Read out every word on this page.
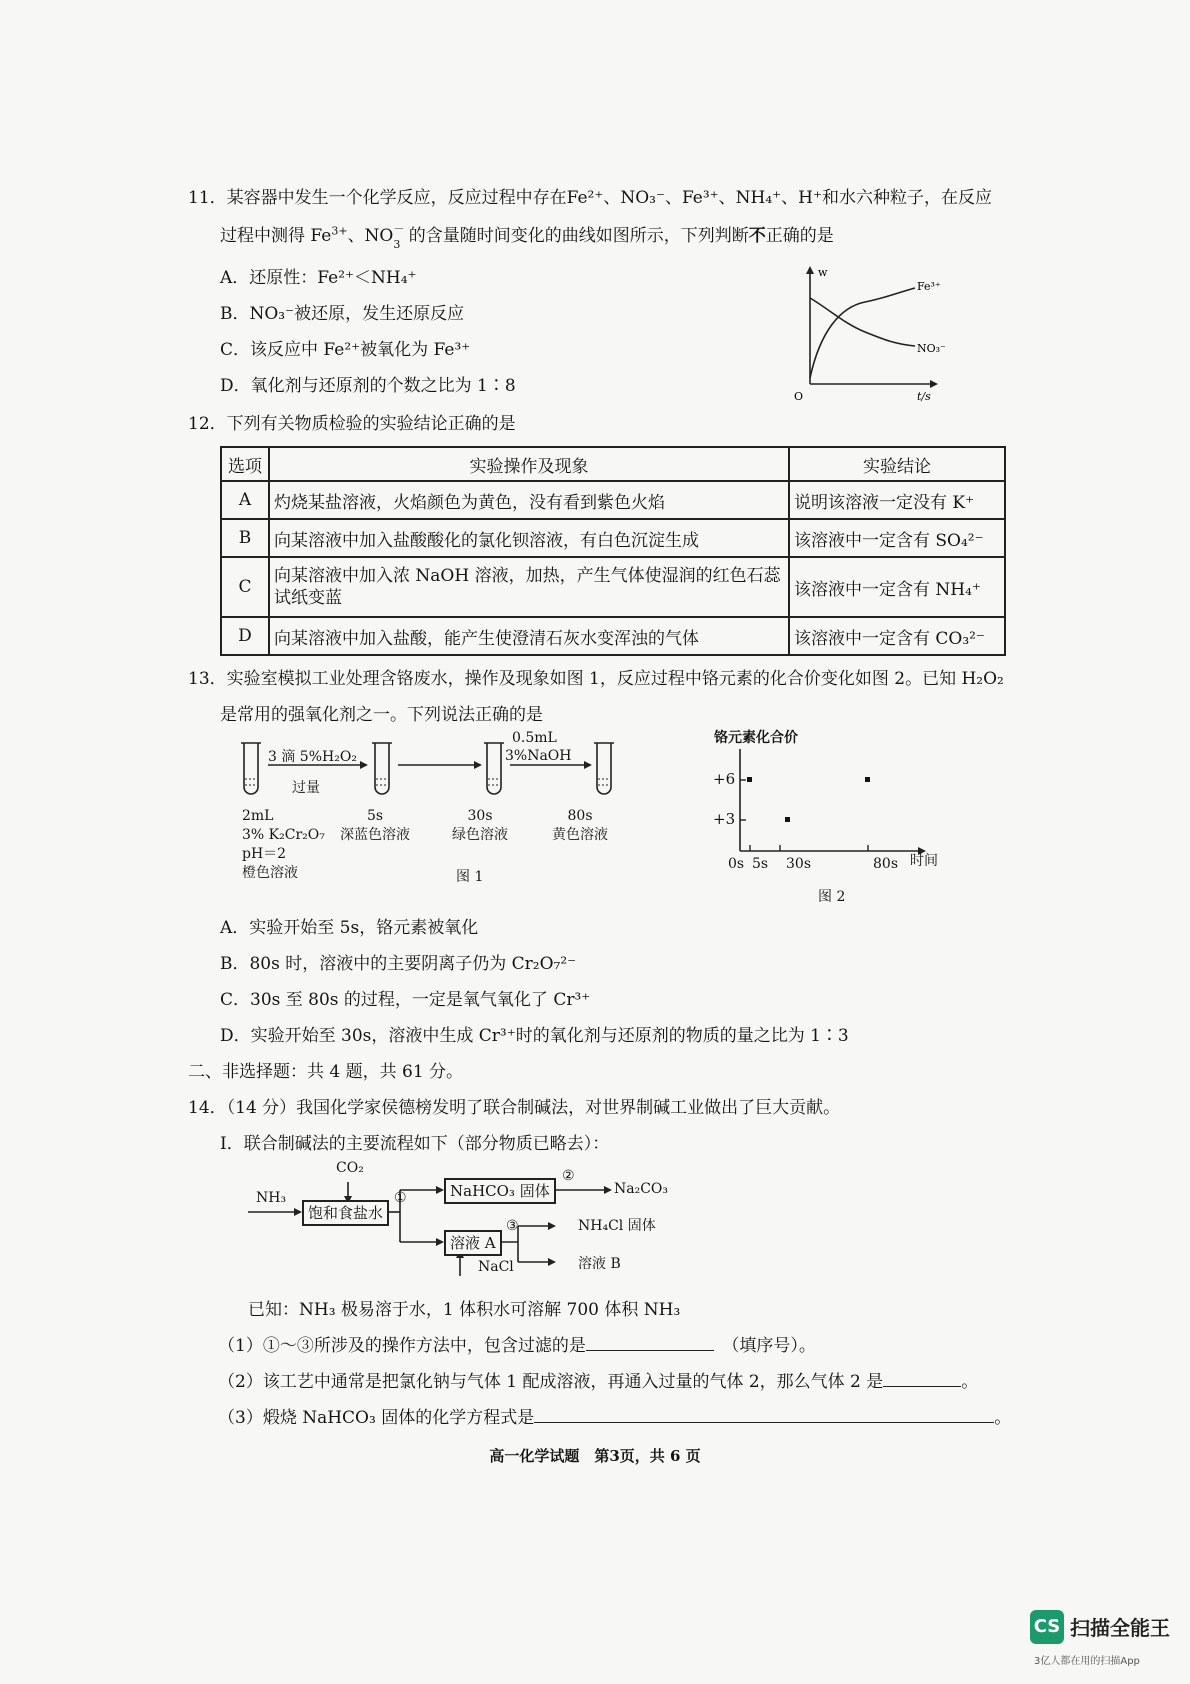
11．某容器中发生一个化学反应，反应过程中存在Fe²⁺、NO₃⁻、Fe³⁺、NH₄⁺、H⁺和水六种粒子，在反应
过程中测得 $Fe^{3+}$、NO －
3 的含量随时间变化的曲线如图所示，下列判断不正确的是
A．还原性：Fe²⁺＜NH₄⁺
B．NO₃⁻被还原，发生还原反应
C．该反应中 Fe²⁺被氧化为 Fe³⁺
D．氧化剂与还原剂的个数之比为 1∶8
w
t/s
O
Fe³⁺
NO₃⁻
12．下列有关物质检验的实验结论正确的是
选项	实验操作及现象	实验结论
A	灼烧某盐溶液，火焰颜色为黄色，没有看到紫色火焰	说明该溶液一定没有 K⁺
B	向某溶液中加入盐酸酸化的氯化钡溶液，有白色沉淀生成	该溶液中一定含有 SO₄²⁻
C	向某溶液中加入浓 NaOH 溶液，加热，产生气体使湿润的红色石蕊试纸变蓝	该溶液中一定含有 NH₄⁺
D	向某溶液中加入盐酸，能产生使澄清石灰水变浑浊的气体	该溶液中一定含有 CO₃²⁻
13．实验室模拟工业处理含铬废水，操作及现象如图 1，反应过程中铬元素的化合价变化如图 2。已知 H₂O₂
是常用的强氧化剂之一。下列说法正确的是
3 滴 5%H₂O₂
过量
0.5mL
3%NaOH
2mL
3% K₂Cr₂O₇
pH＝2
橙色溶液
5s
深蓝色溶液
30s
绿色溶液
80s
黄色溶液
图 1
铬元素化合价
+6
+3
0s 5s 30s	80s 时间
图 2
A．实验开始至 5s，铬元素被氧化
B．80s 时，溶液中的主要阴离子仍为 Cr₂O₇²⁻
C．30s 至 80s 的过程，一定是氧气氧化了 Cr³⁺
D．实验开始至 30s，溶液中生成 Cr³⁺时的氧化剂与还原剂的物质的量之比为 1∶3
二、非选择题：共 4 题，共 61 分。
14．（14 分）我国化学家侯德榜发明了联合制碱法，对世界制碱工业做出了巨大贡献。
Ⅰ．联合制碱法的主要流程如下（部分物质已略去）：
CO₂
NH₃
饱和食盐水
①	NaHCO₃ 固体
②
Na₂CO₃
溶液 A
③	NH₄Cl 固体
溶液 B
NaCl
已知：NH₃ 极易溶于水，1 体积水可溶解 700 体积 NH₃
（1）①～③所涉及的操作方法中，包含过滤的是　	（填序号）。
（2）该工艺中通常是把氯化钠与气体 1 配成溶液，再通入过量的气体 2，那么气体 2 是	。
（3）煅烧 NaHCO₃ 固体的化学方程式是	。
高一化学试题　第3页，共 6 页
CS 扫描全能王
3亿人都在用的扫描App
